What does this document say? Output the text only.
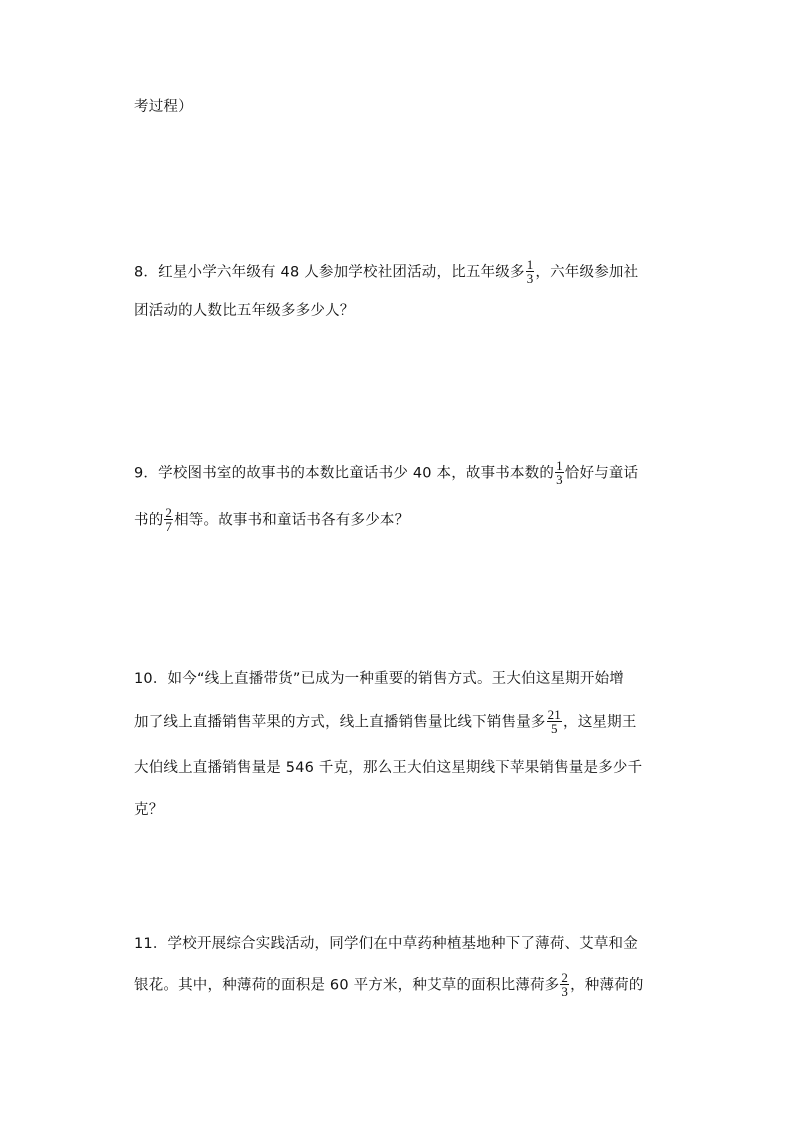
考过程）
8．红星小学六年级有 48 人参加学校社团活动，比五年级多 $\frac{1}{3}$ ，六年级参加社
团活动的人数比五年级多多少人？
9．学校图书室的故事书的本数比童话书少 40 本，故事书本数的 $\frac{1}{3}$ 恰好与童话
书的 $\frac{2}{7}$ 相等。故事书和童话书各有多少本？
10．如今“线上直播带货”已成为一种重要的销售方式。王大伯这星期开始增
加了线上直播销售苹果的方式，线上直播销售量比线下销售量多 $\frac{21}{5}$ ，这星期王
大伯线上直播销售量是 546 千克，那么王大伯这星期线下苹果销售量是多少千
克？
11．学校开展综合实践活动，同学们在中草药种植基地种下了薄荷、艾草和金
银花。其中，种薄荷的面积是 60 平方米，种艾草的面积比薄荷多 $\frac{2}{3}$ ，种薄荷的
